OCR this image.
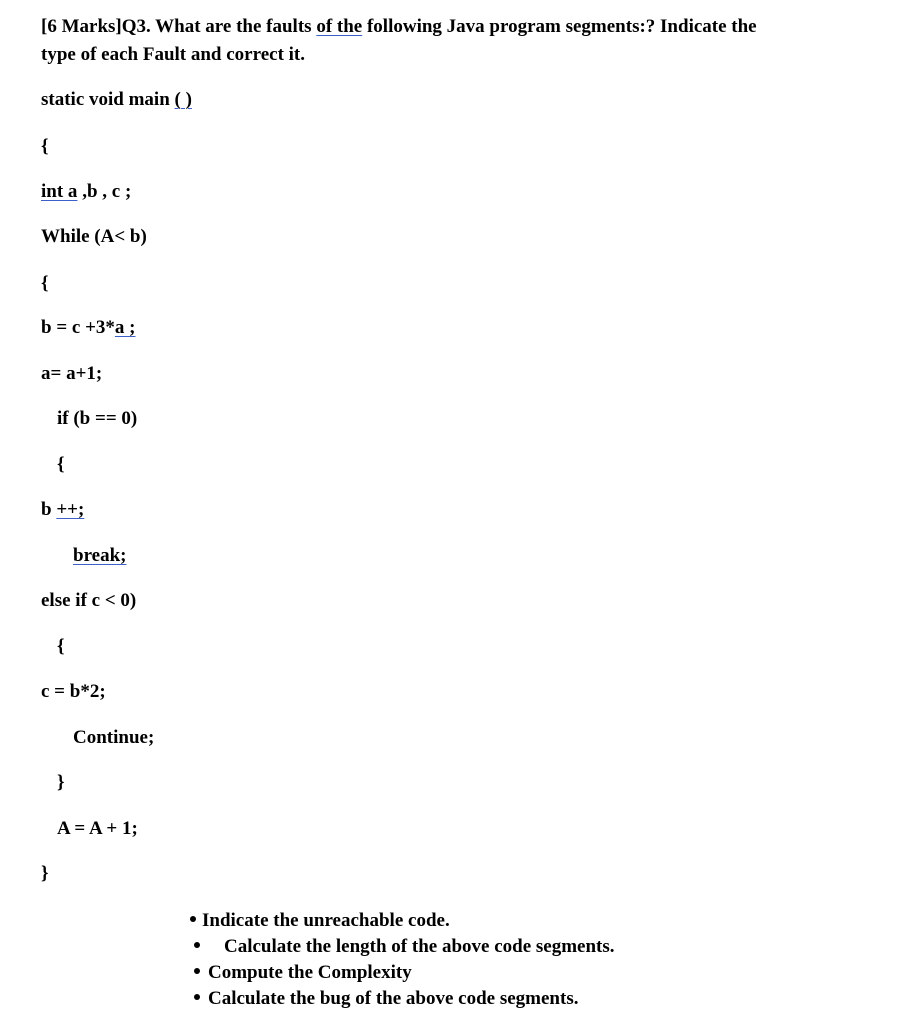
[6 Marks]Q3. What are the faults of the following Java program segments:? Indicate the
type of each Fault and correct it.
static void main ( )
{
int a ,b , c ;
While (A< b)
{
b = c +3*a ;
a= a+1;
if (b == 0)
{
b ++;
break;
else if c < 0)
{
c = b*2;
Continue;
}
A = A + 1;
}
Indicate the unreachable code.
Calculate the length of the above code segments.
Compute the Complexity
Calculate the bug of the above code segments.
